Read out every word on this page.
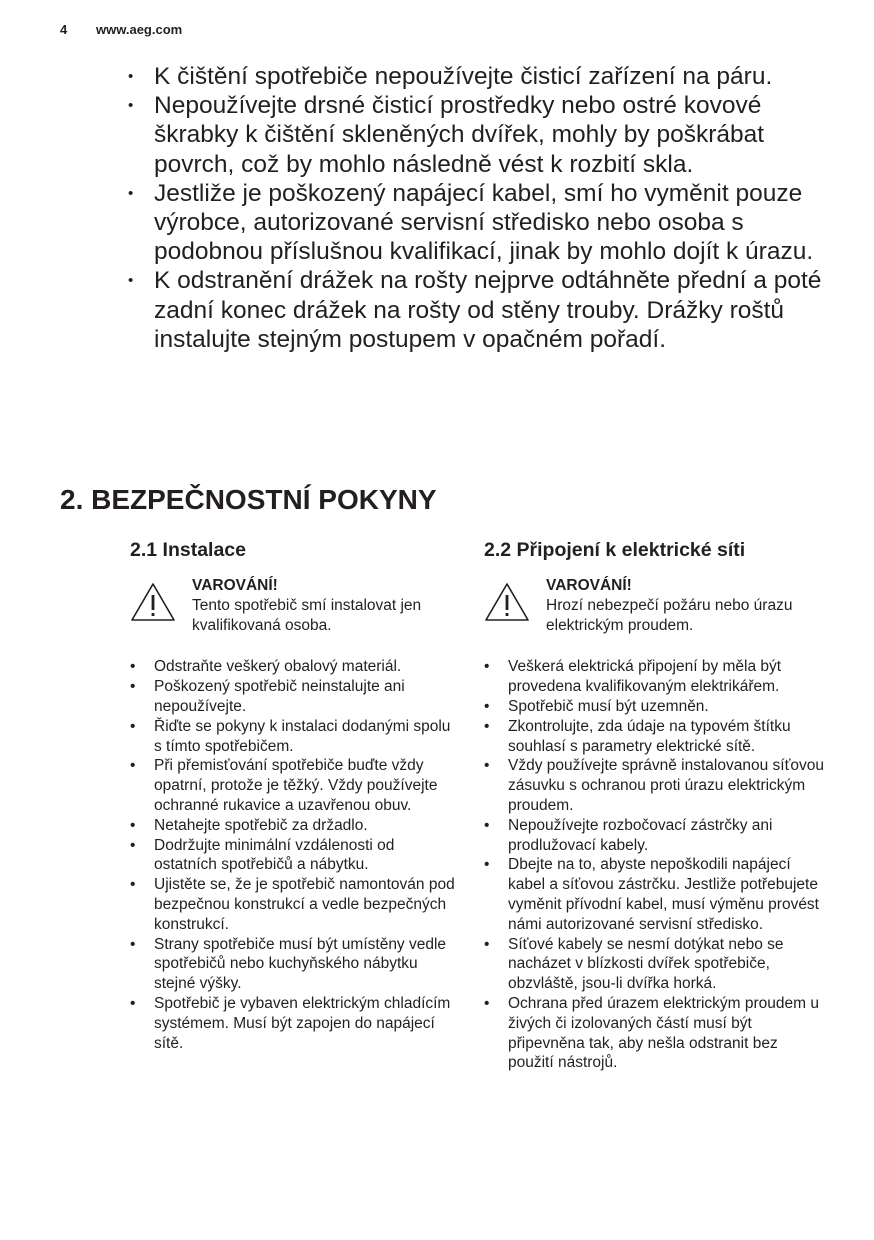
4 www.aeg.com
• K čištění spotřebiče nepoužívejte čisticí zařízení na páru.
• Nepoužívejte drsné čisticí prostředky nebo ostré kovové škrabky k čištění skleněných dvířek, mohly by poškrábat povrch, což by mohlo následně vést k rozbití skla.
• Jestliže je poškozený napájecí kabel, smí ho vyměnit pouze výrobce, autorizované servisní středisko nebo osoba s podobnou příslušnou kvalifikací, jinak by mohlo dojít k úrazu.
• K odstranění drážek na rošty nejprve odtáhněte přední a poté zadní konec drážek na rošty od stěny trouby. Drážky roštů instalujte stejným postupem v opačném pořadí.
2. BEZPEČNOSTNÍ POKYNY
2.1 Instalace
VAROVÁNÍ!
Tento spotřebič smí instalovat jen kvalifikovaná osoba.
• Odstraňte veškerý obalový materiál.
• Poškozený spotřebič neinstalujte ani nepoužívejte.
• Řiďte se pokyny k instalaci dodanými spolu s tímto spotřebičem.
• Při přemisťování spotřebiče buďte vždy opatrní, protože je těžký. Vždy používejte ochranné rukavice a uzavřenou obuv.
• Netahejte spotřebič za držadlo.
• Dodržujte minimální vzdálenosti od ostatních spotřebičů a nábytku.
• Ujistěte se, že je spotřebič namontován pod bezpečnou konstrukcí a vedle bezpečných konstrukcí.
• Strany spotřebiče musí být umístěny vedle spotřebičů nebo kuchyňského nábytku stejné výšky.
• Spotřebič je vybaven elektrickým chladícím systémem. Musí být zapojen do napájecí sítě.
2.2 Připojení k elektrické síti
VAROVÁNÍ!
Hrozí nebezpečí požáru nebo úrazu elektrickým proudem.
• Veškerá elektrická připojení by měla být provedena kvalifikovaným elektrikářem.
• Spotřebič musí být uzemněn.
• Zkontrolujte, zda údaje na typovém štítku souhlasí s parametry elektrické sítě.
• Vždy používejte správně instalovanou síťovou zásuvku s ochranou proti úrazu elektrickým proudem.
• Nepoužívejte rozbočovací zástrčky ani prodlužovací kabely.
• Dbejte na to, abyste nepoškodili napájecí kabel a síťovou zástrčku. Jestliže potřebujete vyměnit přívodní kabel, musí výměnu provést námi autorizované servisní středisko.
• Síťové kabely se nesmí dotýkat nebo se nacházet v blízkosti dvířek spotřebiče, obzvláště, jsou-li dvířka horká.
• Ochrana před úrazem elektrickým proudem u živých či izolovaných částí musí být připevněna tak, aby nešla odstranit bez použití nástrojů.
